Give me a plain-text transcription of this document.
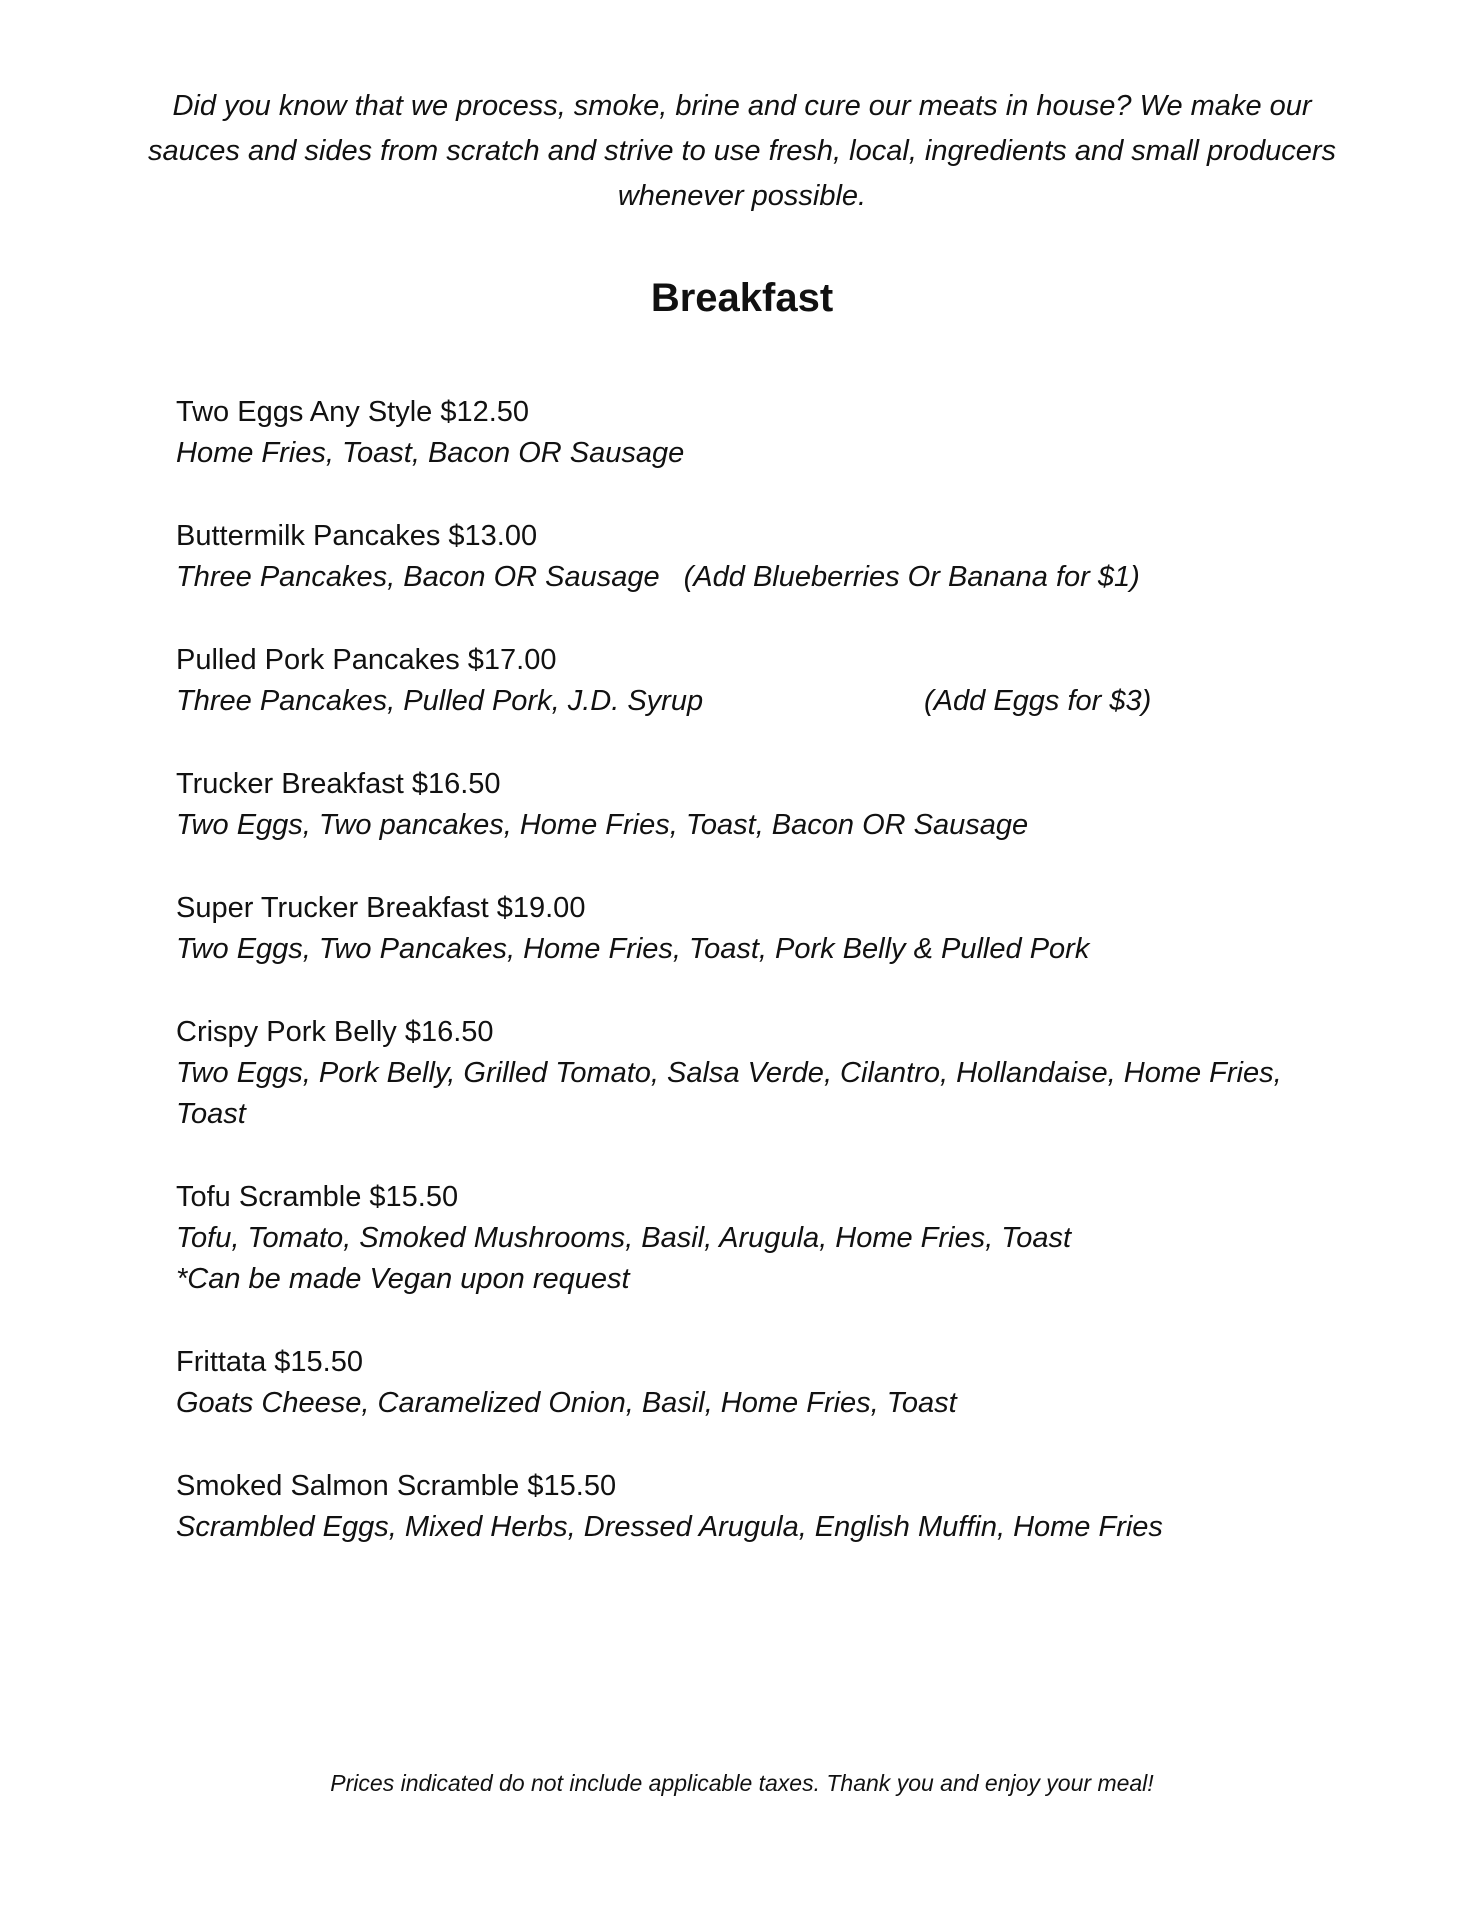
Did you know that we process, smoke, brine and cure our meats in house? We make our sauces and sides from scratch and strive to use fresh, local, ingredients and small producers whenever possible.

Breakfast
Two Eggs Any Style $12.50
Home Fries, Toast, Bacon OR Sausage
Buttermilk Pancakes $13.00
Three Pancakes, Bacon OR Sausage (Add Blueberries Or Banana for $1)
Pulled Pork Pancakes $17.00
Three Pancakes, Pulled Pork, J.D. Syrup	(Add Eggs for $3)
Trucker Breakfast $16.50
Two Eggs, Two pancakes, Home Fries, Toast, Bacon OR Sausage
Super Trucker Breakfast $19.00
Two Eggs, Two Pancakes, Home Fries, Toast, Pork Belly & Pulled Pork
Crispy Pork Belly $16.50
Two Eggs, Pork Belly, Grilled Tomato, Salsa Verde, Cilantro, Hollandaise, Home Fries, Toast
Tofu Scramble $15.50
Tofu, Tomato, Smoked Mushrooms, Basil, Arugula, Home Fries, Toast
*Can be made Vegan upon request
Frittata $15.50
Goats Cheese, Caramelized Onion, Basil, Home Fries, Toast
Smoked Salmon Scramble $15.50
Scrambled Eggs, Mixed Herbs, Dressed Arugula, English Muffin, Home Fries

Prices indicated do not include applicable taxes. Thank you and enjoy your meal!
